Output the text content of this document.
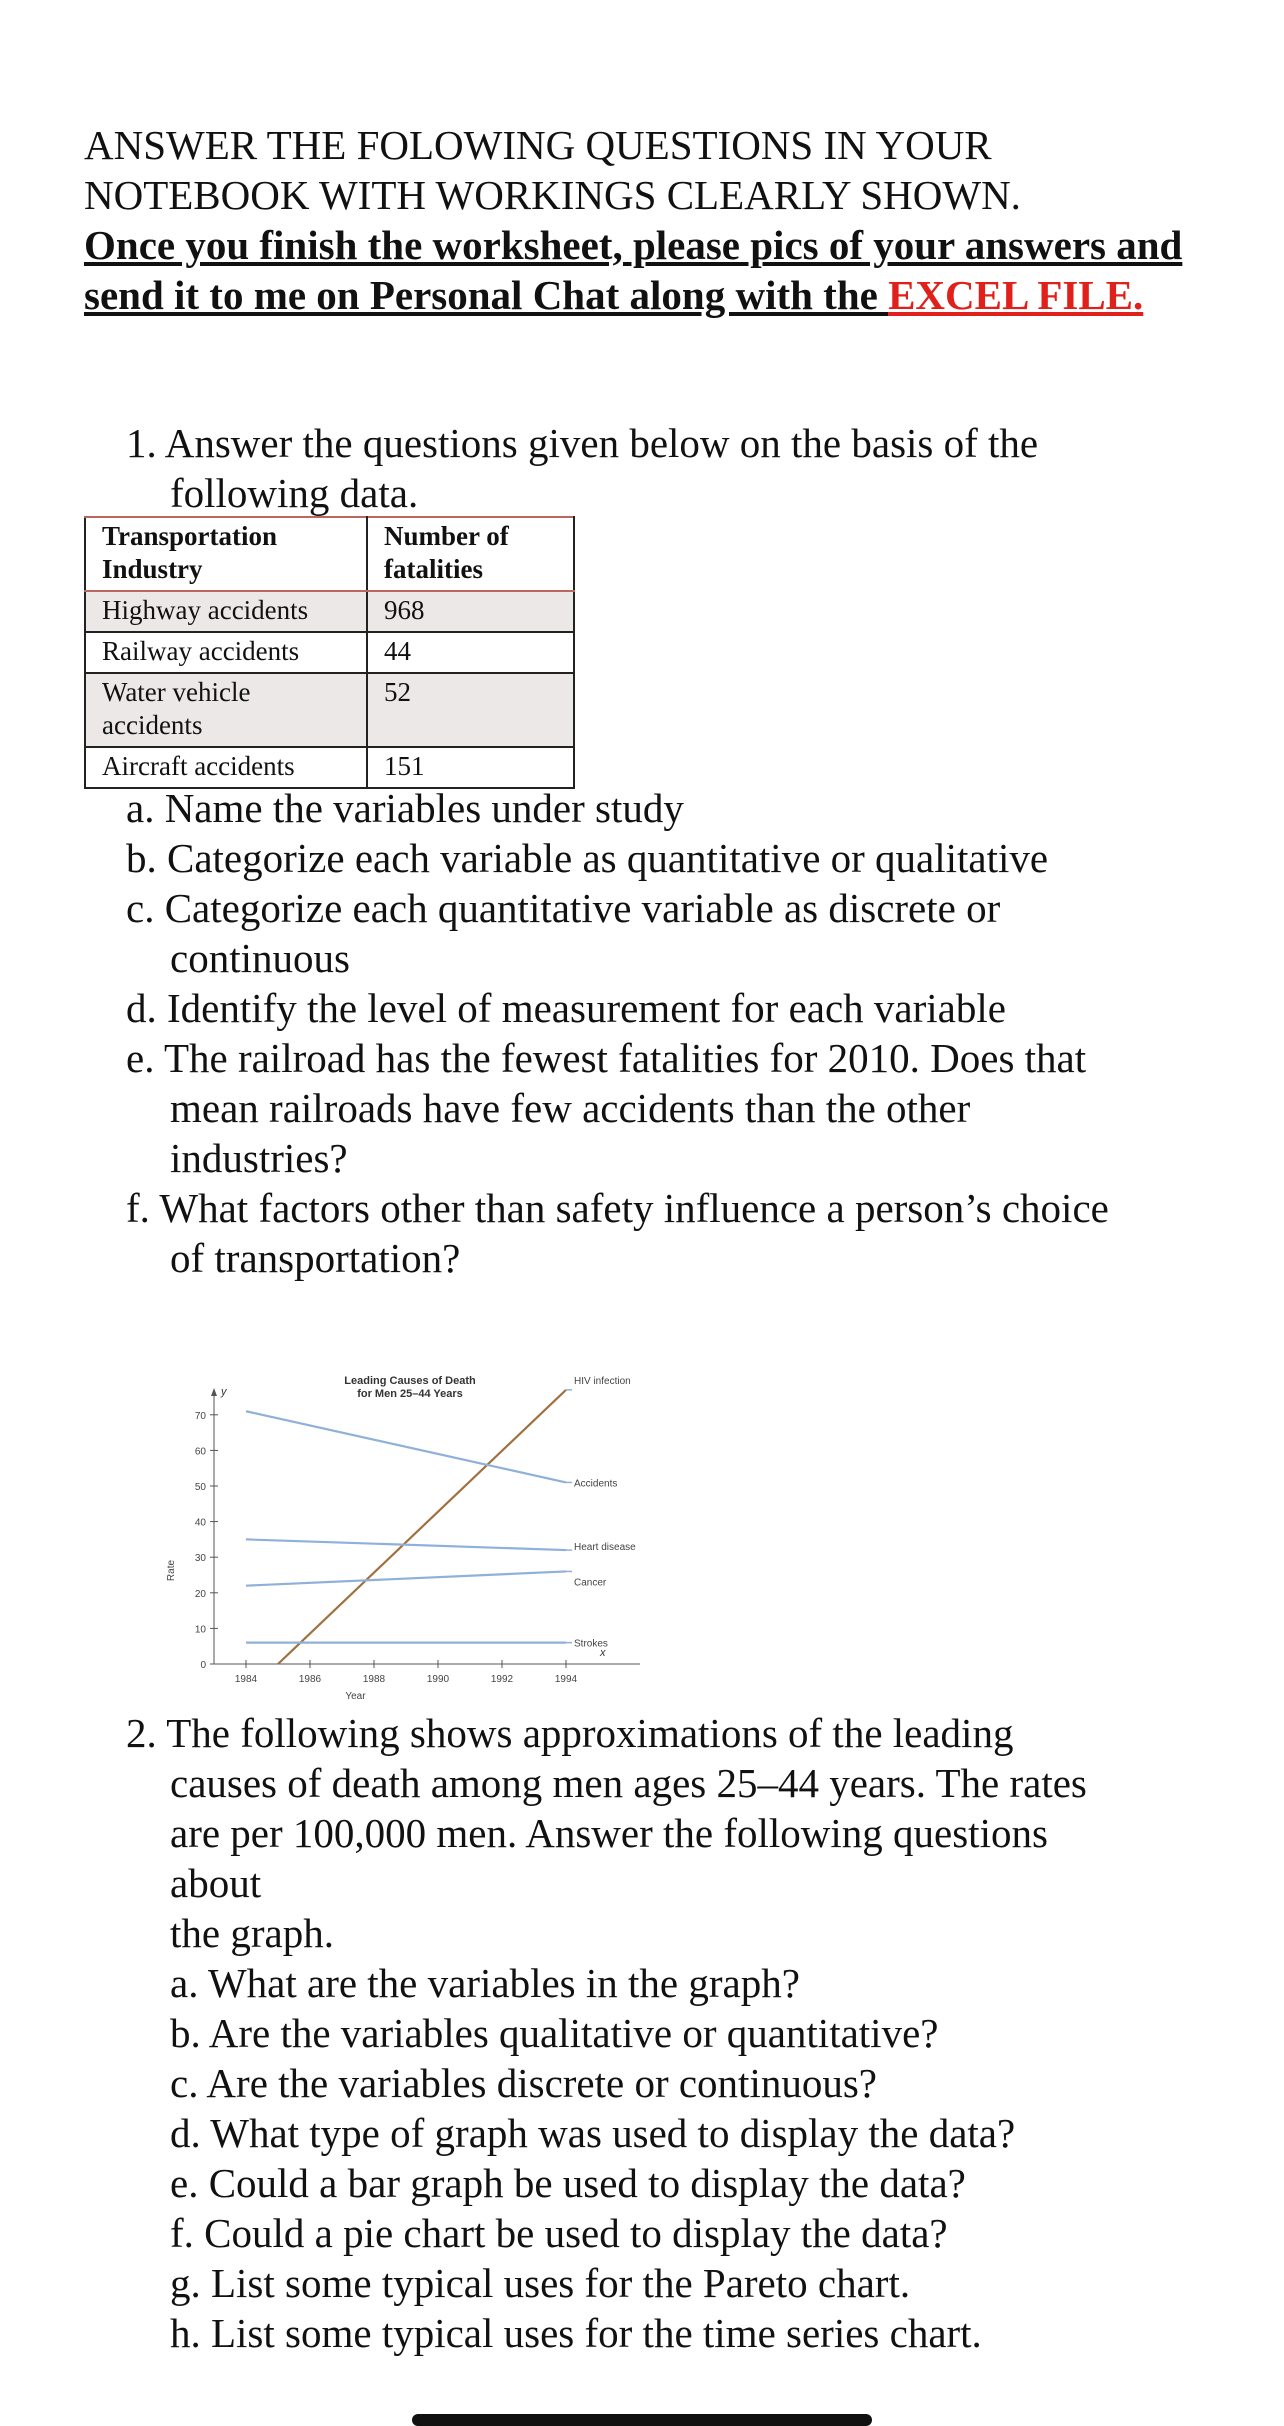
ANSWER THE FOLOWING QUESTIONS IN YOUR
NOTEBOOK WITH WORKINGS CLEARLY SHOWN.
Once you finish the worksheet, please pics of your answers and send it to me on Personal Chat along with the EXCEL FILE.
1. Answer the questions given below on the basis of the
following data.
Transportation Industry	Number of fatalities
Highway accidents	968
Railway accidents	44
Water vehicle accidents	52
Aircraft accidents	151
a. Name the variables under study
b. Categorize each variable as quantitative or qualitative
c. Categorize each quantitative variable as discrete or
continuous
d. Identify the level of measurement for each variable
e. The railroad has the fewest fatalities for 2010. Does that
mean railroads have few accidents than the other
industries?
f. What factors other than safety influence a person’s choice
of transportation?
Leading Causes of Death
for Men 25–44 Years
y
x
0
10
20
30
40
50
60
70
1984	1986	1988	1990	1992	1994
Year
Rate
HIV infection
Accidents
Heart disease
Cancer
Strokes
2. The following shows approximations of the leading
causes of death among men ages 25–44 years. The rates
are per 100,000 men. Answer the following questions
about
the graph.
a. What are the variables in the graph?
b. Are the variables qualitative or quantitative?
c. Are the variables discrete or continuous?
d. What type of graph was used to display the data?
e. Could a bar graph be used to display the data?
f. Could a pie chart be used to display the data?
g. List some typical uses for the Pareto chart.
h. List some typical uses for the time series chart.
